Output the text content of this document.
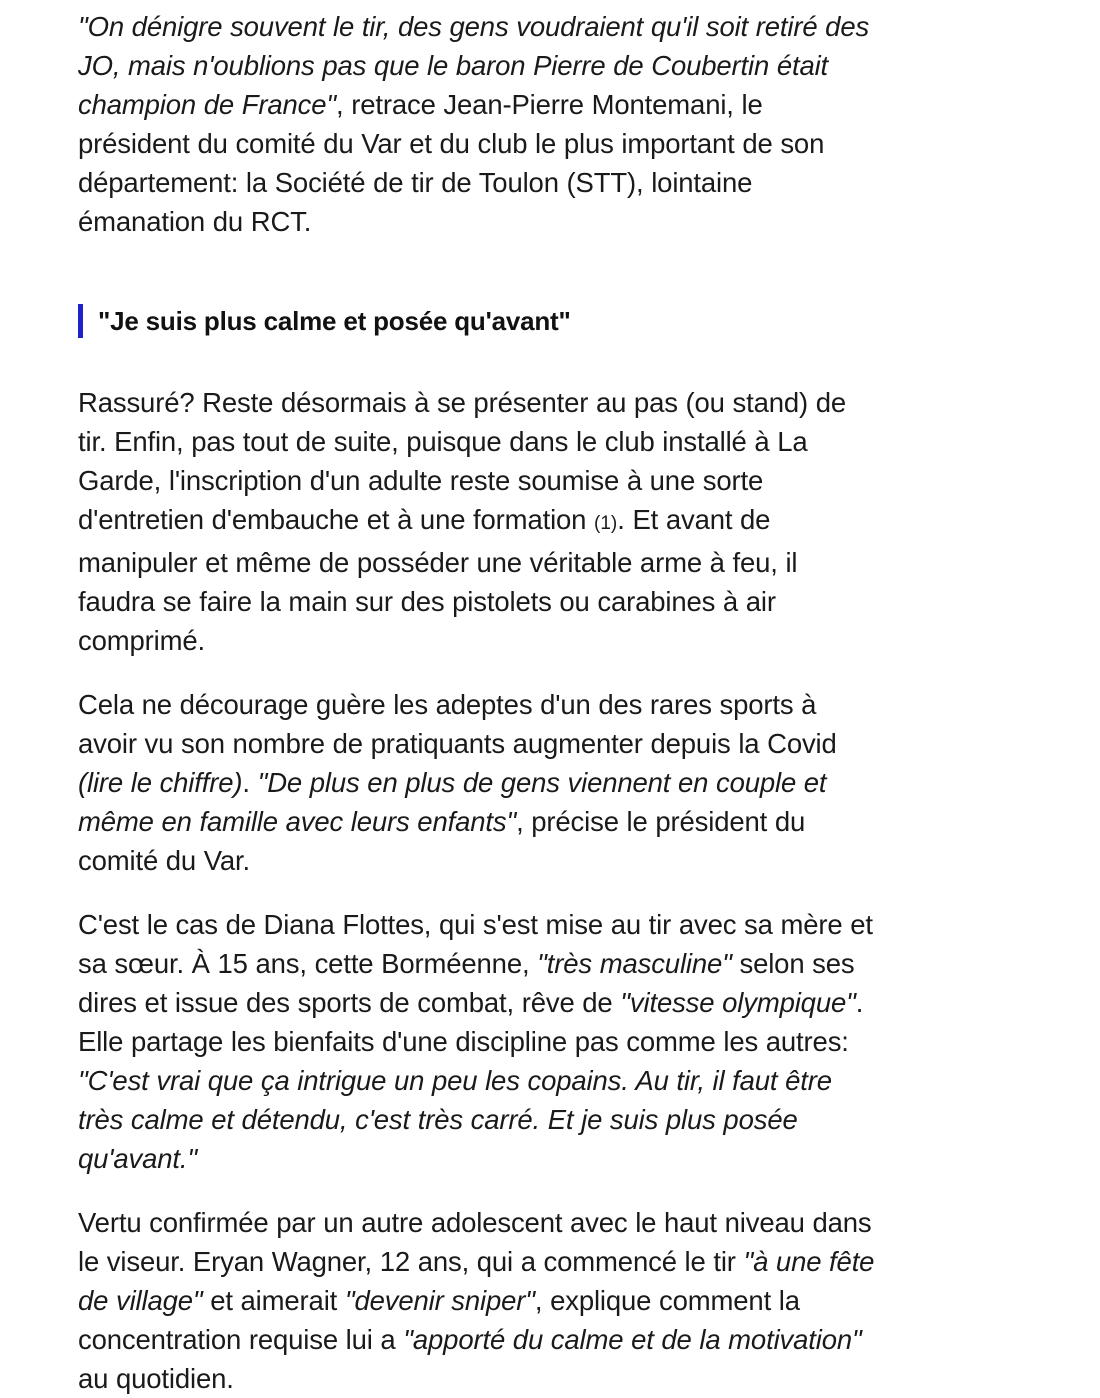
"On dénigre souvent le tir, des gens voudraient qu'il soit retiré des JO, mais n'oublions pas que le baron Pierre de Coubertin était champion de France", retrace Jean-Pierre Montemani, le président du comité du Var et du club le plus important de son département: la Société de tir de Toulon (STT), lointaine émanation du RCT.

"Je suis plus calme et posée qu'avant"

Rassuré? Reste désormais à se présenter au pas (ou stand) de tir. Enfin, pas tout de suite, puisque dans le club installé à La Garde, l'inscription d'un adulte reste soumise à une sorte d'entretien d'embauche et à une formation (1). Et avant de manipuler et même de posséder une véritable arme à feu, il faudra se faire la main sur des pistolets ou carabines à air comprimé.

Cela ne décourage guère les adeptes d'un des rares sports à avoir vu son nombre de pratiquants augmenter depuis la Covid (lire le chiffre). "De plus en plus de gens viennent en couple et même en famille avec leurs enfants", précise le président du comité du Var.

C'est le cas de Diana Flottes, qui s'est mise au tir avec sa mère et sa sœur. À 15 ans, cette Borméenne, "très masculine" selon ses dires et issue des sports de combat, rêve de "vitesse olympique". Elle partage les bienfaits d'une discipline pas comme les autres: "C'est vrai que ça intrigue un peu les copains. Au tir, il faut être très calme et détendu, c'est très carré. Et je suis plus posée qu'avant."

Vertu confirmée par un autre adolescent avec le haut niveau dans le viseur. Eryan Wagner, 12 ans, qui a commencé le tir "à une fête de village" et aimerait "devenir sniper", explique comment la concentration requise lui a "apporté du calme et de la motivation" au quotidien.
